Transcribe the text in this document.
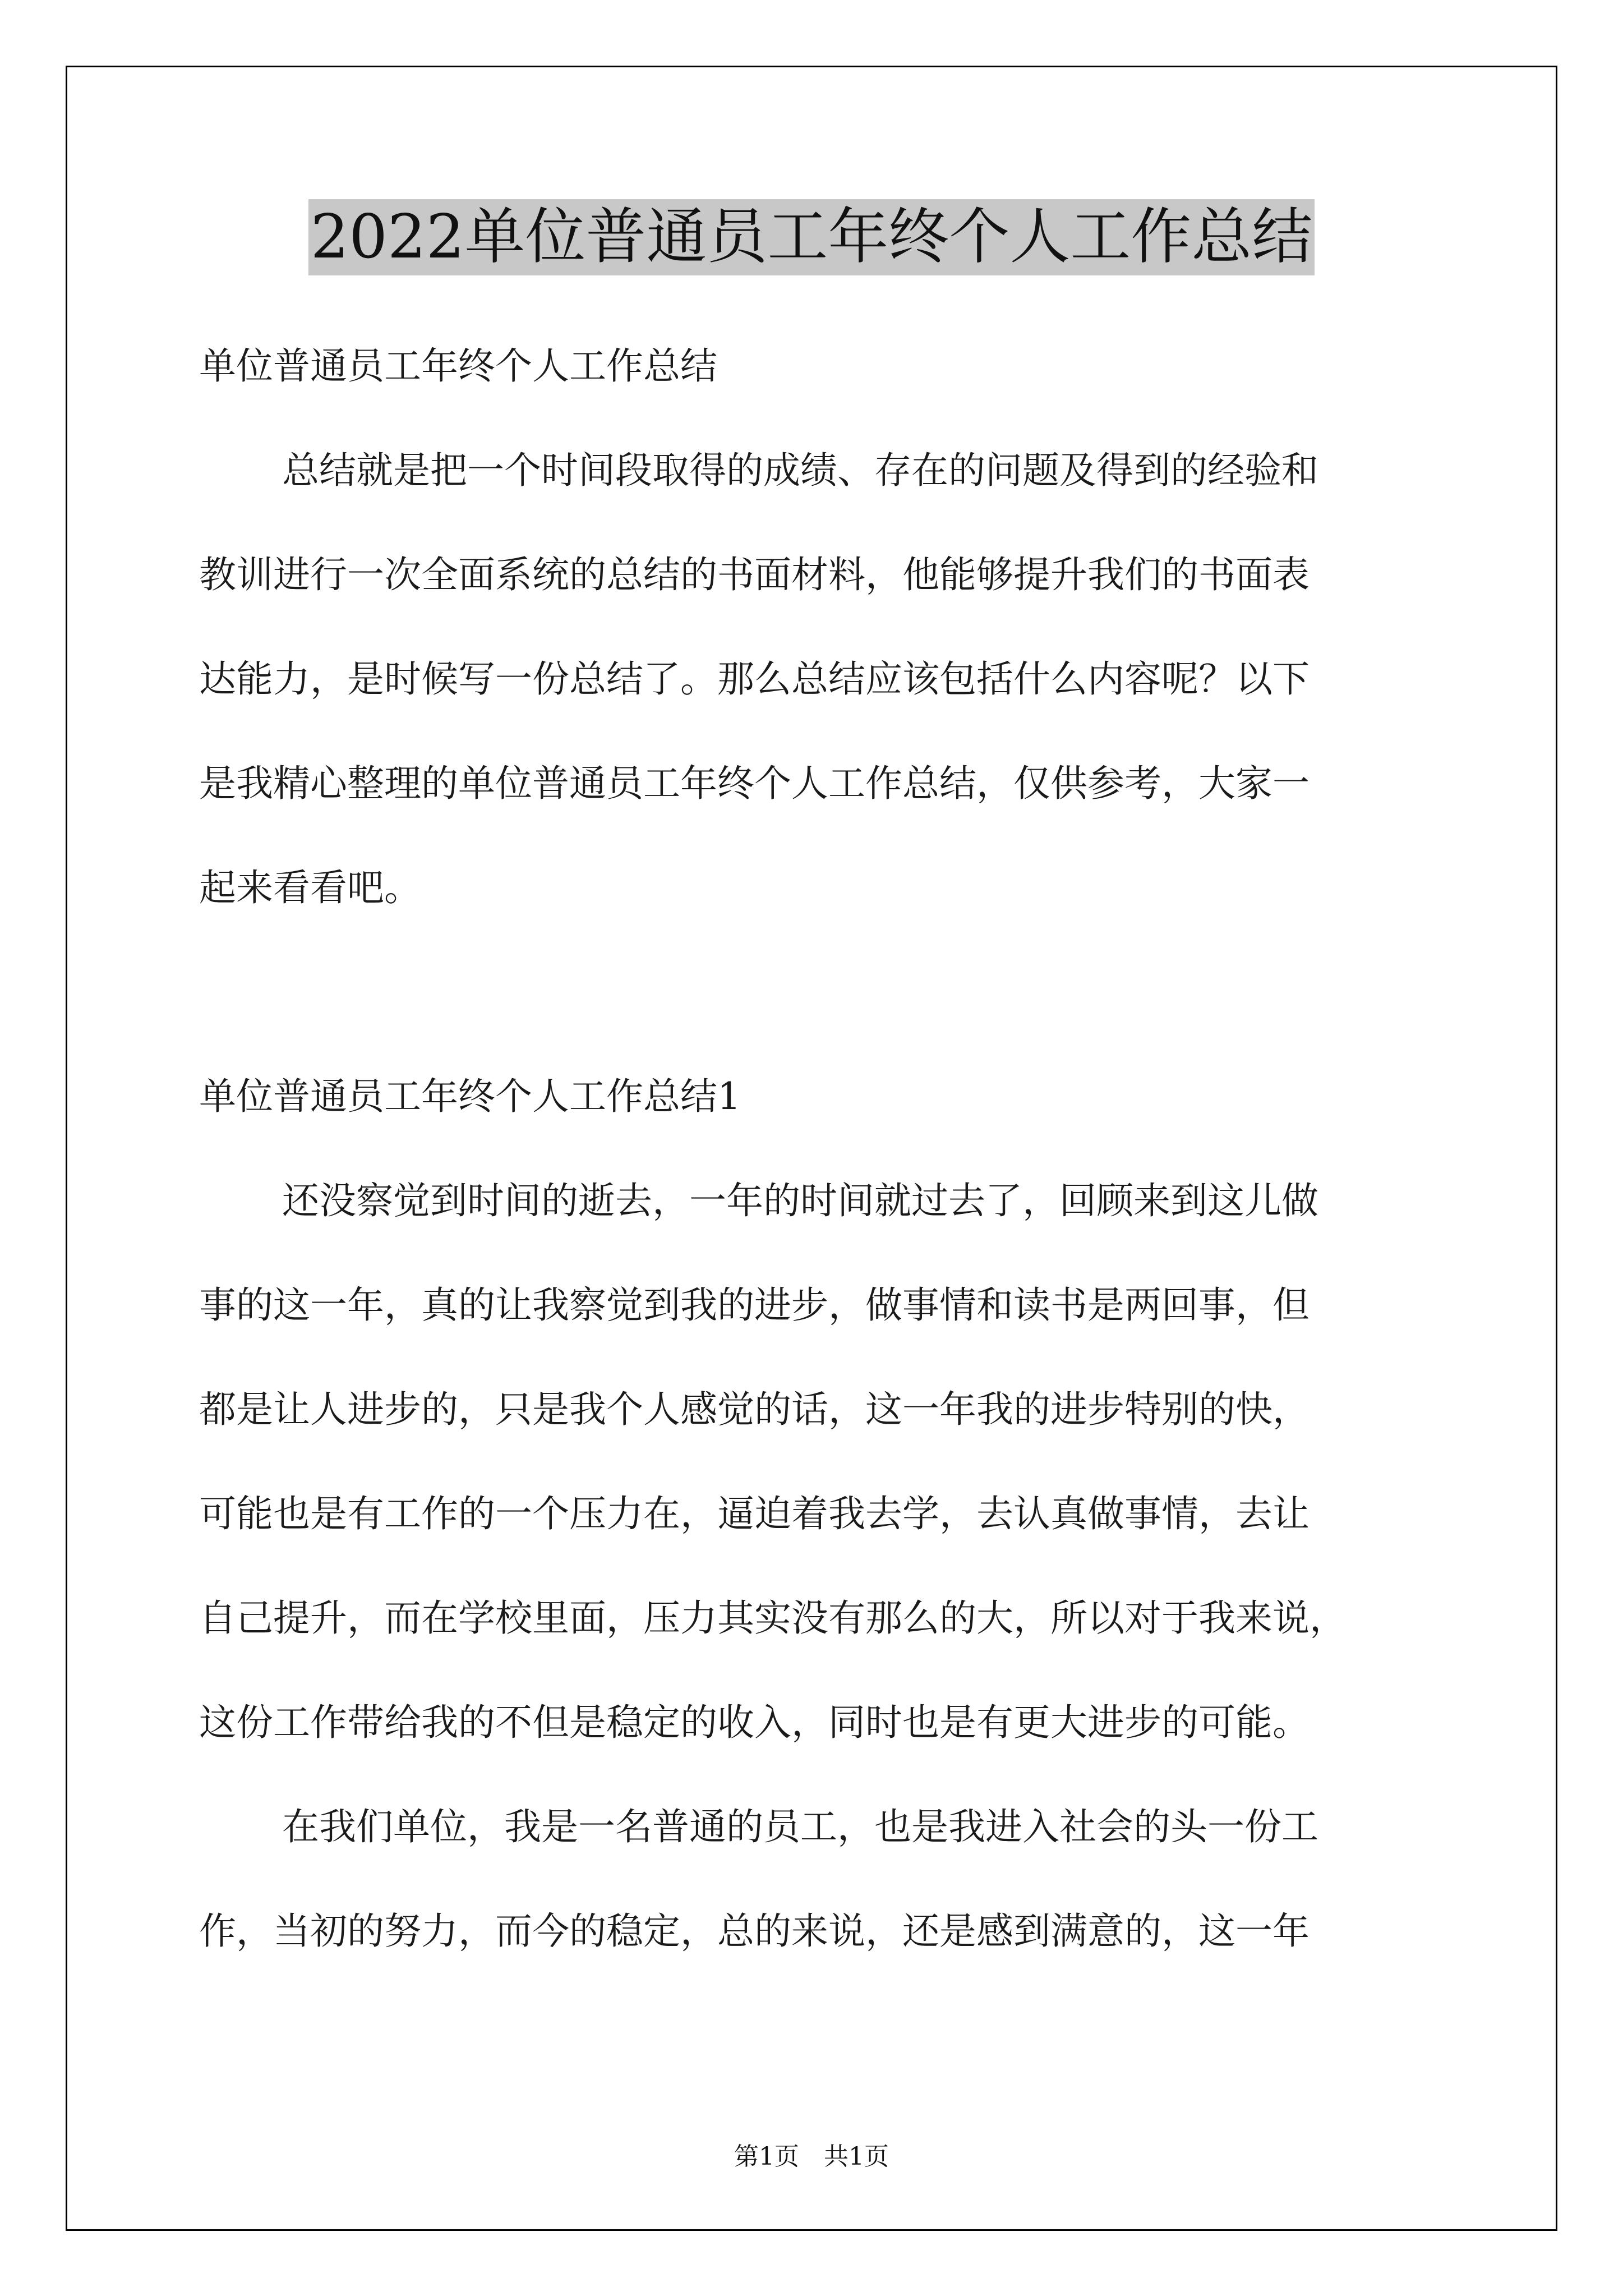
2022单位普通员工年终个人工作总结

单位普通员工年终个人工作总结

总结就是把一个时间段取得的成绩、存在的问题及得到的经验和

教训进行一次全面系统的总结的书面材料，他能够提升我们的书面表

达能力，是时候写一份总结了。那么总结应该包括什么内容呢？以下

是我精心整理的单位普通员工年终个人工作总结，仅供参考，大家一

起来看看吧。

单位普通员工年终个人工作总结1

还没察觉到时间的逝去，一年的时间就过去了，回顾来到这儿做

事的这一年，真的让我察觉到我的进步，做事情和读书是两回事，但

都是让人进步的，只是我个人感觉的话，这一年我的进步特别的快，

可能也是有工作的一个压力在，逼迫着我去学，去认真做事情，去让

自己提升，而在学校里面，压力其实没有那么的大，所以对于我来说，

这份工作带给我的不但是稳定的收入，同时也是有更大进步的可能。

在我们单位，我是一名普通的员工，也是我进入社会的头一份工

作，当初的努力，而今的稳定，总的来说，还是感到满意的，这一年

第1页　共1页
